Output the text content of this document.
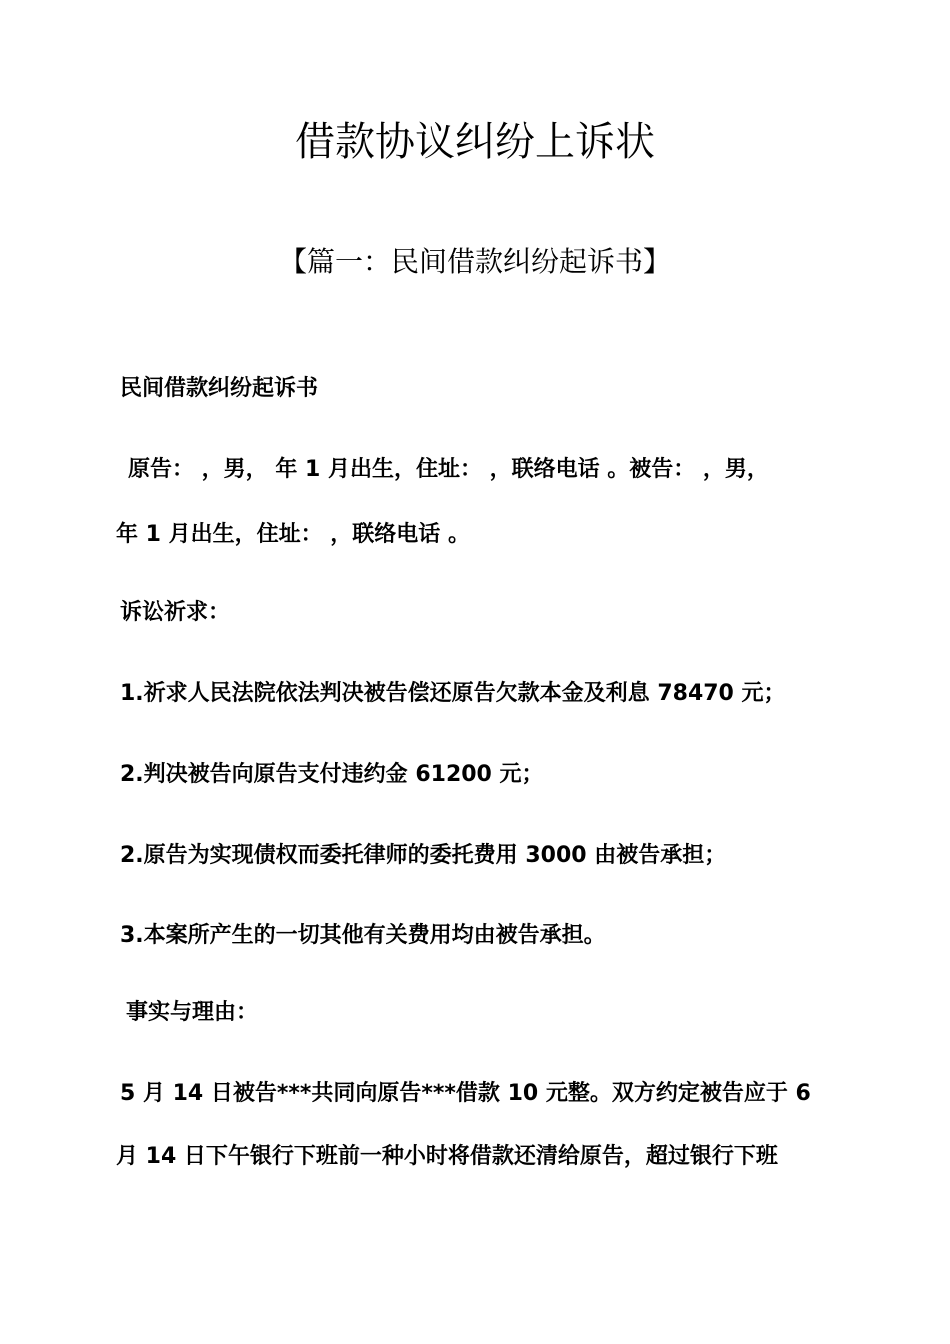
借款协议纠纷上诉状
【篇一：民间借款纠纷起诉书】
民间借款纠纷起诉书
原告： ，男， 年 1 月出生，住址： ，联络电话 。被告： ，男，
年 1 月出生，住址： ，联络电话 。
诉讼祈求：
1.祈求人民法院依法判决被告偿还原告欠款本金及利息 78470 元；
2.判决被告向原告支付违约金 61200 元；
2.原告为实现债权而委托律师的委托费用 3000 由被告承担；
3.本案所产生的一切其他有关费用均由被告承担。
事实与理由：
5 月 14 日被告***共同向原告***借款 10 元整。双方约定被告应于 6
月 14 日下午银行下班前一种小时将借款还清给原告，超过银行下班
